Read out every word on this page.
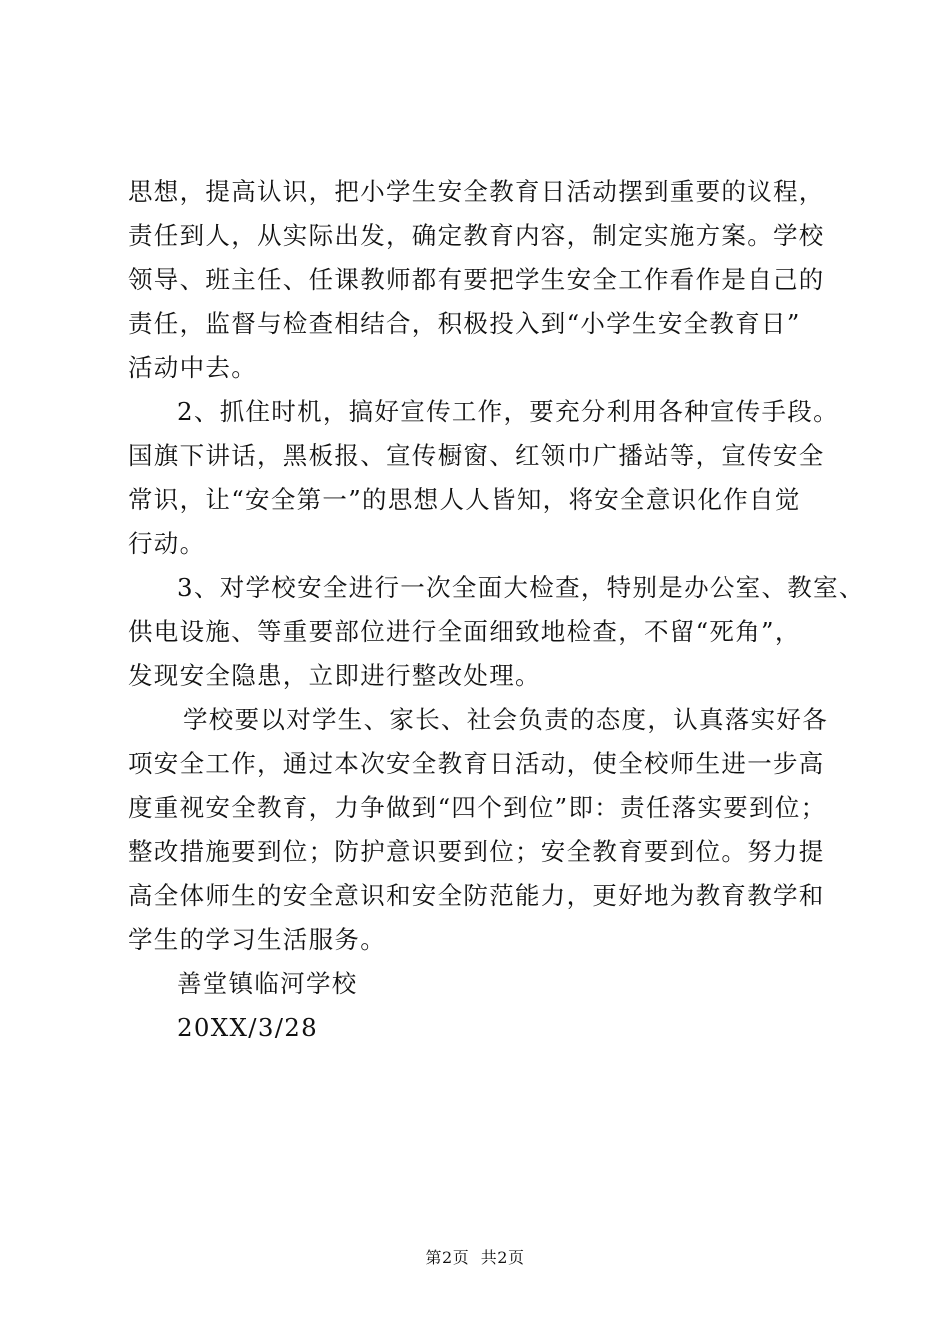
思想，提高认识，把小学生安全教育日活动摆到重要的议程，
责任到人，从实际出发，确定教育内容，制定实施方案。学校
领导、班主任、任课教师都有要把学生安全工作看作是自己的
责任，监督与检查相结合，积极投入到“小学生安全教育日”
活动中去。
2、抓住时机，搞好宣传工作，要充分利用各种宣传手段。
国旗下讲话，黑板报、宣传橱窗、红领巾广播站等，宣传安全
常识，让“安全第一”的思想人人皆知，将安全意识化作自觉
行动。
3、对学校安全进行一次全面大检查，特别是办公室、教室、
供电设施、等重要部位进行全面细致地检查，不留“死角”，
发现安全隐患，立即进行整改处理。
学校要以对学生、家长、社会负责的态度，认真落实好各
项安全工作，通过本次安全教育日活动，使全校师生进一步高
度重视安全教育，力争做到“四个到位”即：责任落实要到位；
整改措施要到位；防护意识要到位；安全教育要到位。努力提
高全体师生的安全意识和安全防范能力，更好地为教育教学和
学生的学习生活服务。
善堂镇临河学校
20XX/3/28
第2页 共2页
